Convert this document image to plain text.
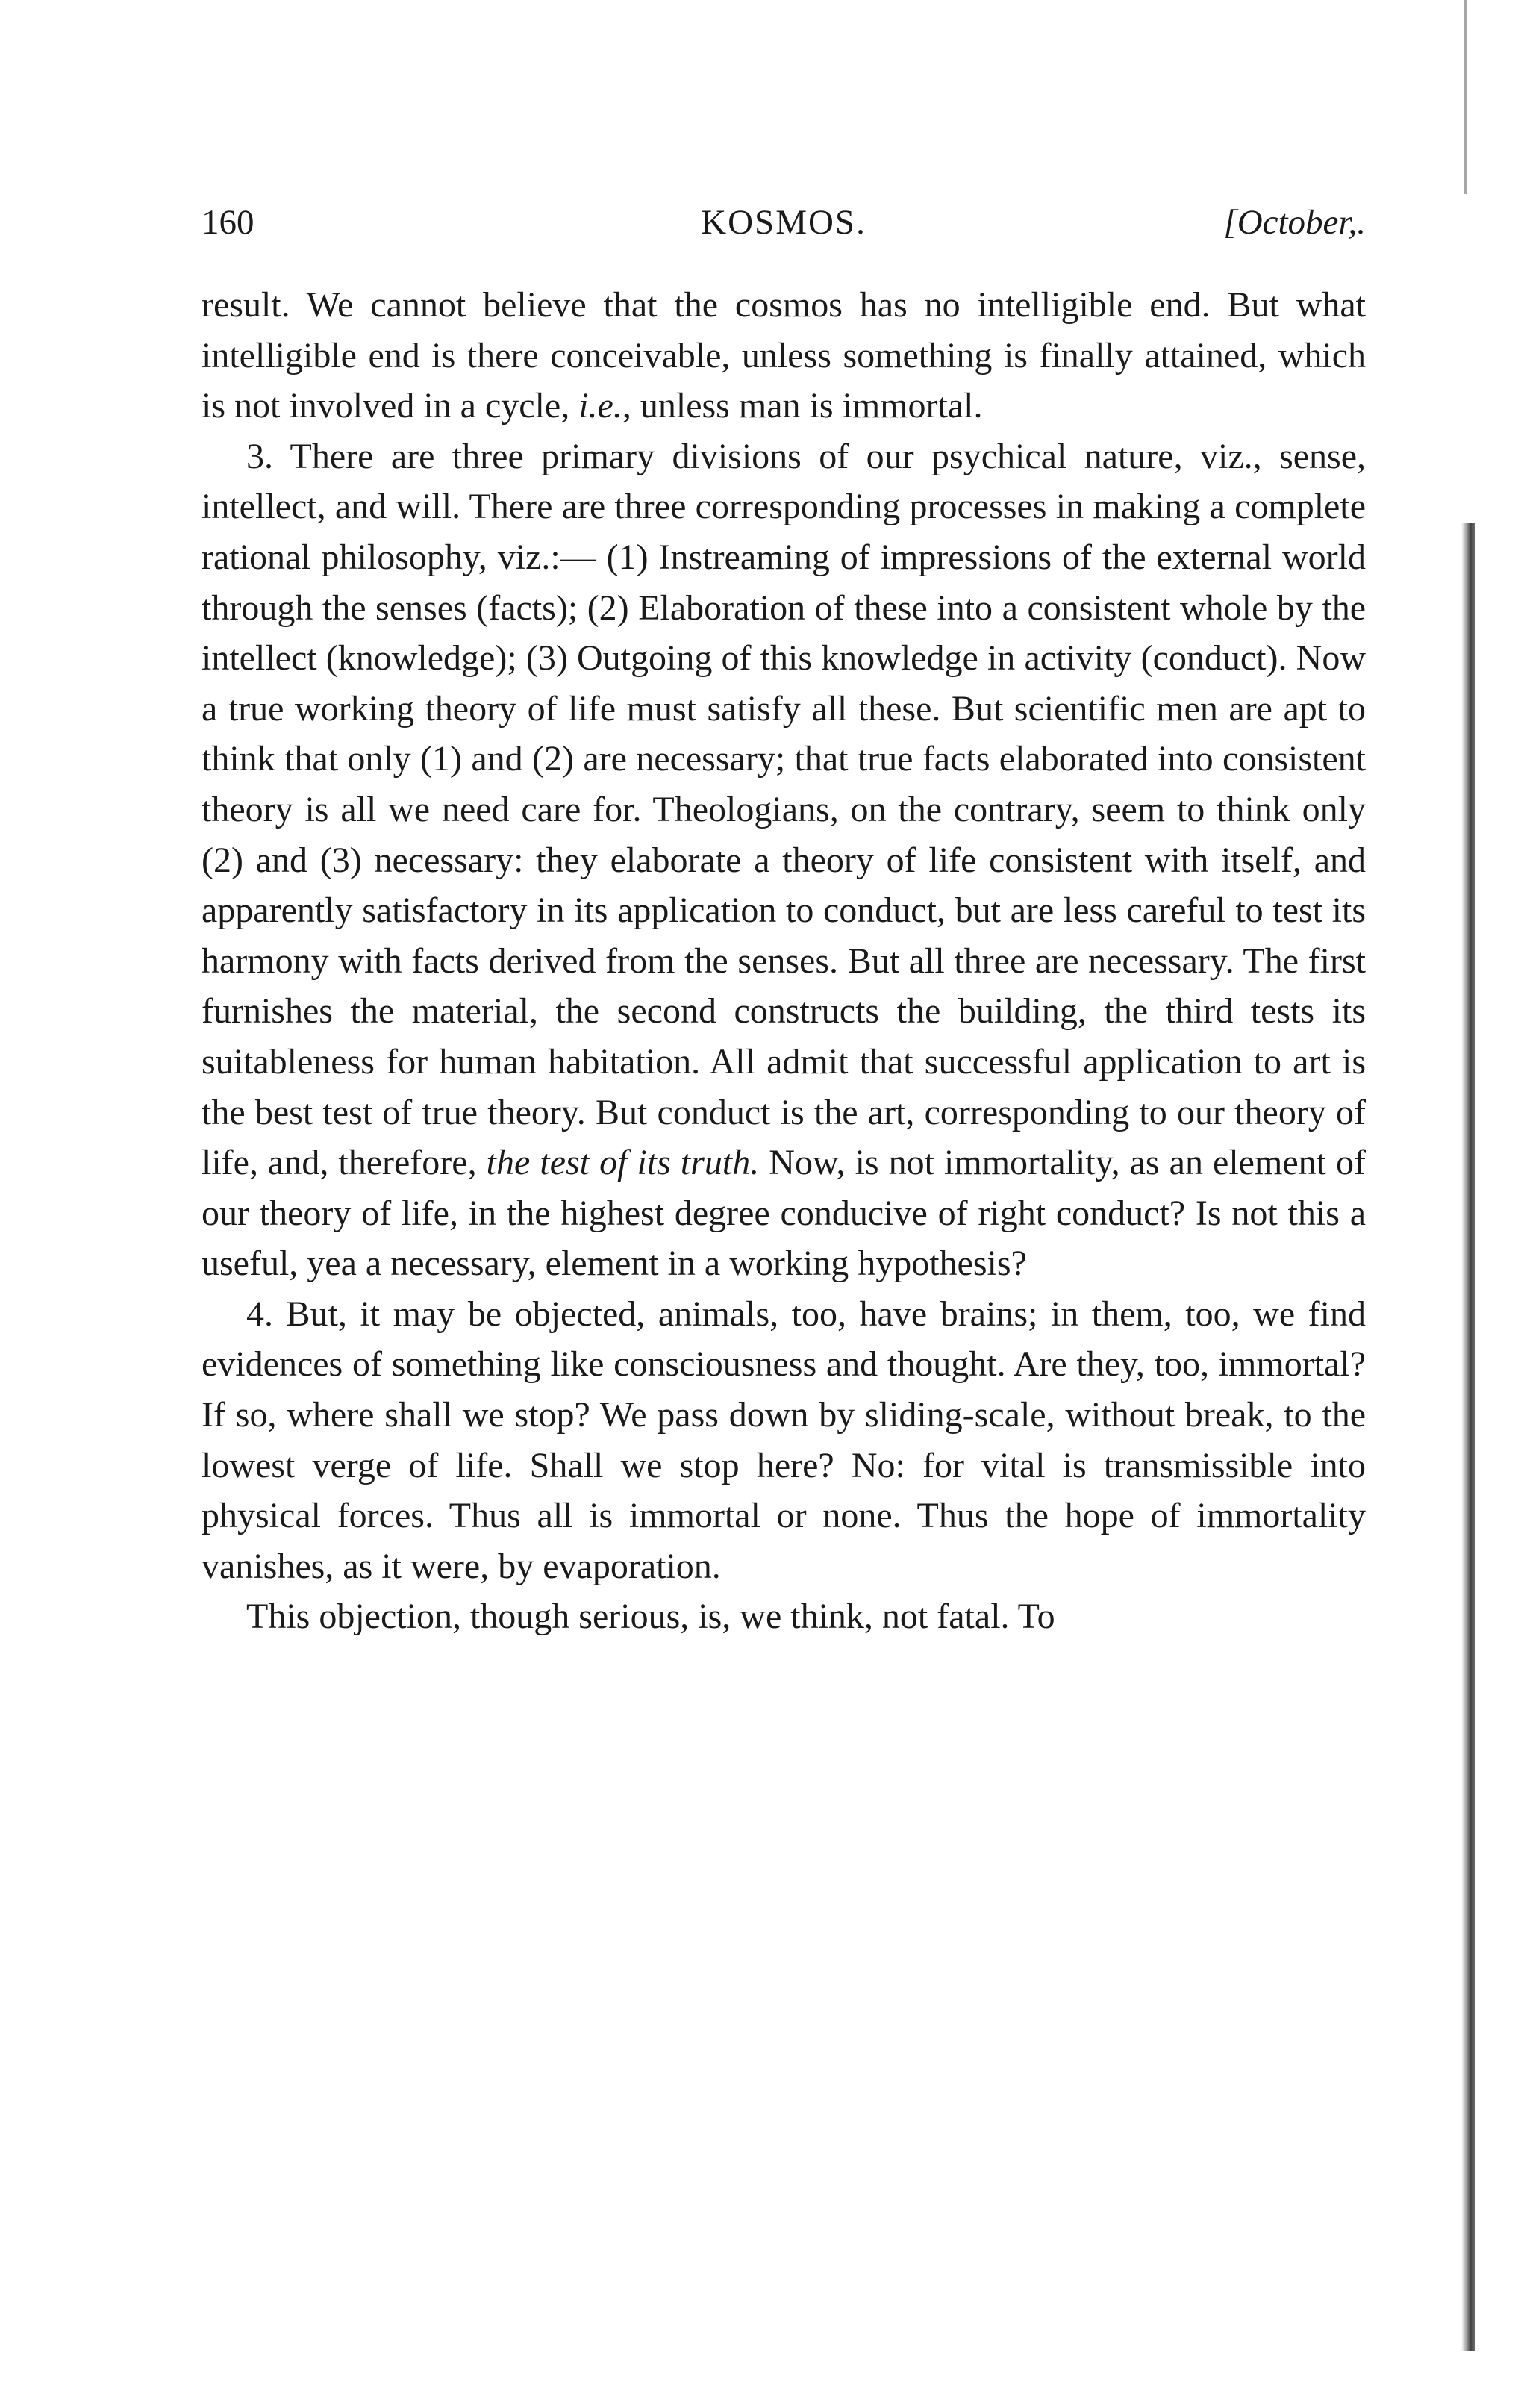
160	KOSMOS.	[October,.

result. We cannot believe that the cosmos has no intelligible end. But what intelligible end is there conceivable, unless something is finally attained, which is not involved in a cycle, i.e., unless man is immortal.

3. There are three primary divisions of our psychical nature, viz., sense, intellect, and will. There are three corresponding processes in making a complete rational philosophy, viz.:— (1) Instreaming of impressions of the external world through the senses (facts); (2) Elaboration of these into a consistent whole by the intellect (knowledge); (3) Outgoing of this knowledge in activity (conduct). Now a true working theory of life must satisfy all these. But scientific men are apt to think that only (1) and (2) are necessary; that true facts elaborated into consistent theory is all we need care for. Theologians, on the contrary, seem to think only (2) and (3) necessary: they elaborate a theory of life consistent with itself, and apparently satisfactory in its application to conduct, but are less careful to test its harmony with facts derived from the senses. But all three are necessary. The first furnishes the material, the second constructs the building, the third tests its suitableness for human habitation. All admit that successful application to art is the best test of true theory. But conduct is the art, corresponding to our theory of life, and, therefore, the test of its truth. Now, is not immortality, as an element of our theory of life, in the highest degree conducive of right conduct? Is not this a useful, yea a necessary, element in a working hypothesis?

4. But, it may be objected, animals, too, have brains; in them, too, we find evidences of something like consciousness and thought. Are they, too, immortal? If so, where shall we stop? We pass down by sliding-scale, without break, to the lowest verge of life. Shall we stop here? No: for vital is transmissible into physical forces. Thus all is immortal or none. Thus the hope of immortality vanishes, as it were, by evaporation.

This objection, though serious, is, we think, not fatal. To
